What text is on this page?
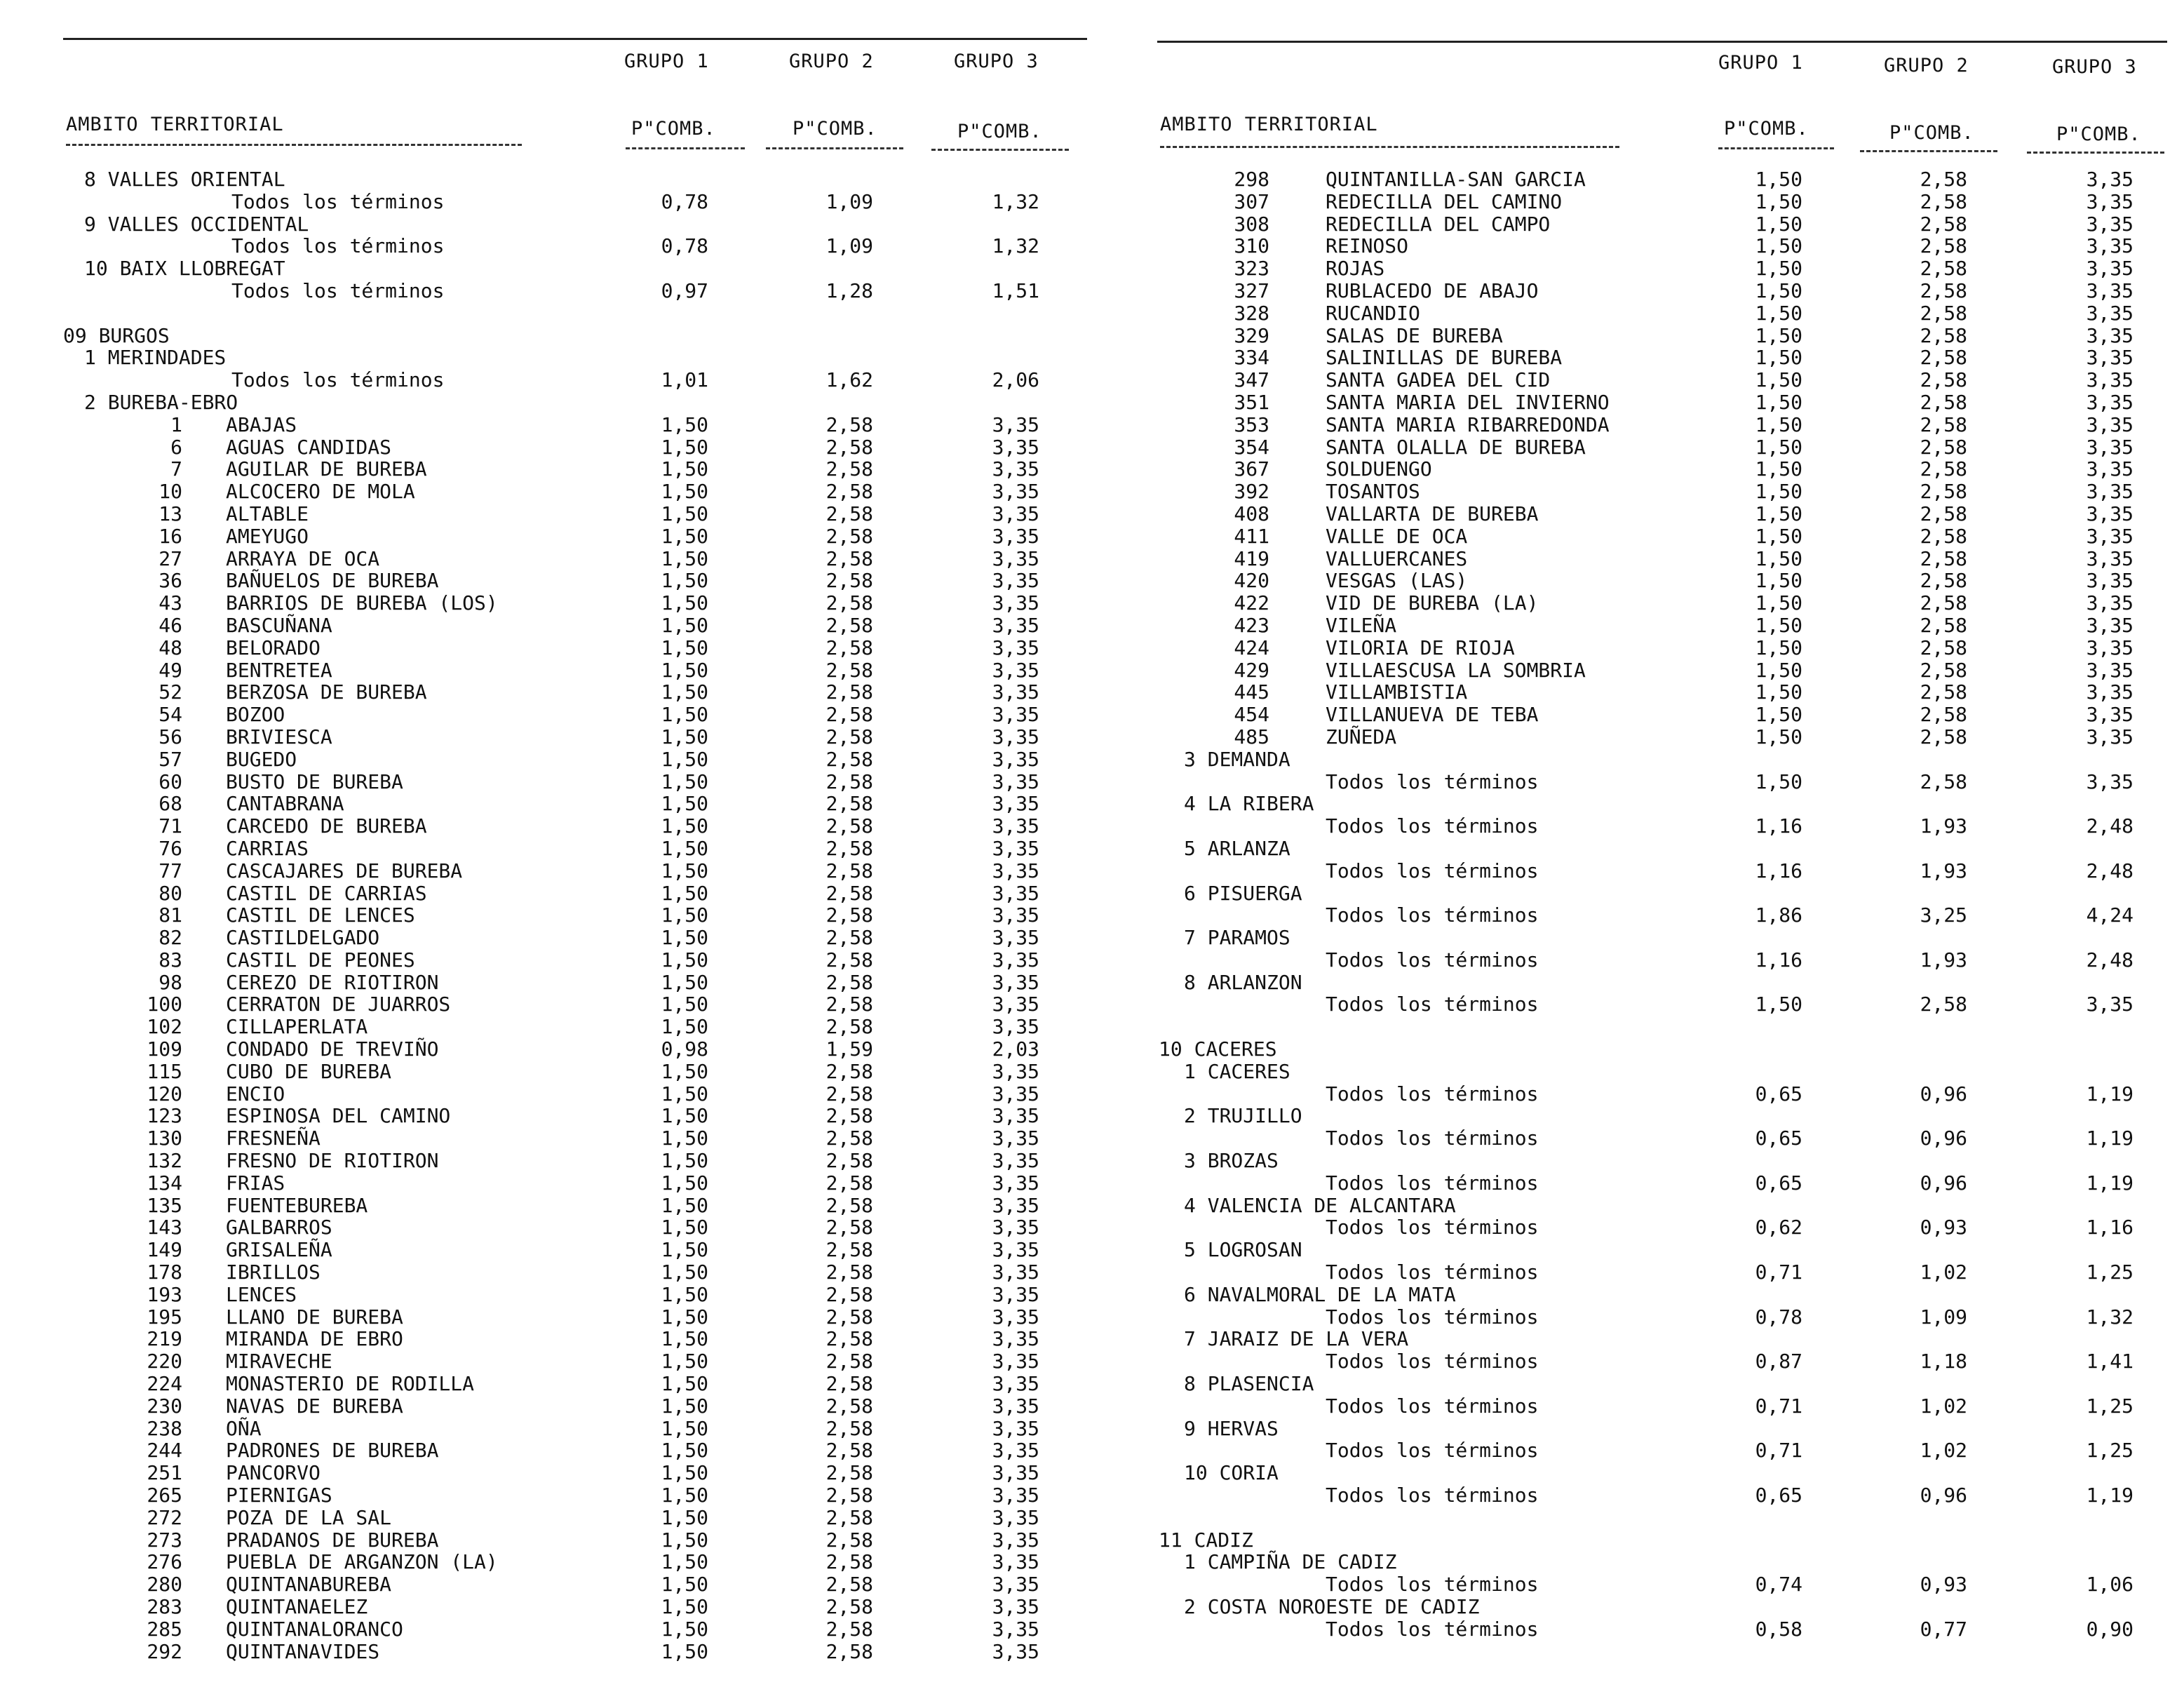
GRUPO 1	GRUPO 2	GRUPO 3
AMBITO TERRITORIAL	P"COMB.	P"COMB.	P"COMB.
8 VALLES ORIENTAL
Todos los términos	0,78	1,09	1,32
9 VALLES OCCIDENTAL
Todos los términos	0,78	1,09	1,32
10 BAIX LLOBREGAT
Todos los términos	0,97	1,28	1,51
09 BURGOS
1 MERINDADES
Todos los términos	1,01	1,62	2,06
2 BUREBA-EBRO
1 ABAJAS	1,50	2,58	3,35
6 AGUAS CANDIDAS	1,50	2,58	3,35
7 AGUILAR DE BUREBA	1,50	2,58	3,35
10 ALCOCERO DE MOLA	1,50	2,58	3,35
13 ALTABLE	1,50	2,58	3,35
16 AMEYUGO	1,50	2,58	3,35
27 ARRAYA DE OCA	1,50	2,58	3,35
36 BAÑUELOS DE BUREBA	1,50	2,58	3,35
43 BARRIOS DE BUREBA (LOS)	1,50	2,58	3,35
46 BASCUÑANA	1,50	2,58	3,35
48 BELORADO	1,50	2,58	3,35
49 BENTRETEA	1,50	2,58	3,35
52 BERZOSA DE BUREBA	1,50	2,58	3,35
54 BOZOO	1,50	2,58	3,35
56 BRIVIESCA	1,50	2,58	3,35
57 BUGEDO	1,50	2,58	3,35
60 BUSTO DE BUREBA	1,50	2,58	3,35
68 CANTABRANA	1,50	2,58	3,35
71 CARCEDO DE BUREBA	1,50	2,58	3,35
76 CARRIAS	1,50	2,58	3,35
77 CASCAJARES DE BUREBA	1,50	2,58	3,35
80 CASTIL DE CARRIAS	1,50	2,58	3,35
81 CASTIL DE LENCES	1,50	2,58	3,35
82 CASTILDELGADO	1,50	2,58	3,35
83 CASTIL DE PEONES	1,50	2,58	3,35
98 CEREZO DE RIOTIRON	1,50	2,58	3,35
100 CERRATON DE JUARROS	1,50	2,58	3,35
102 CILLAPERLATA	1,50	2,58	3,35
109 CONDADO DE TREVIÑO	0,98	1,59	2,03
115 CUBO DE BUREBA	1,50	2,58	3,35
120 ENCIO	1,50	2,58	3,35
123 ESPINOSA DEL CAMINO	1,50	2,58	3,35
130 FRESNEÑA	1,50	2,58	3,35
132 FRESNO DE RIOTIRON	1,50	2,58	3,35
134 FRIAS	1,50	2,58	3,35
135 FUENTEBUREBA	1,50	2,58	3,35
143 GALBARROS	1,50	2,58	3,35
149 GRISALEÑA	1,50	2,58	3,35
178 IBRILLOS	1,50	2,58	3,35
193 LENCES	1,50	2,58	3,35
195 LLANO DE BUREBA	1,50	2,58	3,35
219 MIRANDA DE EBRO	1,50	2,58	3,35
220 MIRAVECHE	1,50	2,58	3,35
224 MONASTERIO DE RODILLA	1,50	2,58	3,35
230 NAVAS DE BUREBA	1,50	2,58	3,35
238 OÑA	1,50	2,58	3,35
244 PADRONES DE BUREBA	1,50	2,58	3,35
251 PANCORVO	1,50	2,58	3,35
265 PIERNIGAS	1,50	2,58	3,35
272 POZA DE LA SAL	1,50	2,58	3,35
273 PRADANOS DE BUREBA	1,50	2,58	3,35
276 PUEBLA DE ARGANZON (LA)	1,50	2,58	3,35
280 QUINTANABUREBA	1,50	2,58	3,35
283 QUINTANAELEZ	1,50	2,58	3,35
285 QUINTANALORANCO	1,50	2,58	3,35
292 QUINTANAVIDES	1,50	2,58	3,35
GRUPO 1	GRUPO 2	GRUPO 3
AMBITO TERRITORIAL	P"COMB.	P"COMB.	P"COMB.
298	QUINTANILLA-SAN GARCIA	1,50	2,58	3,35
307	REDECILLA DEL CAMINO	1,50	2,58	3,35
308	REDECILLA DEL CAMPO	1,50	2,58	3,35
310	REINOSO	1,50	2,58	3,35
323	ROJAS	1,50	2,58	3,35
327	RUBLACEDO DE ABAJO	1,50	2,58	3,35
328	RUCANDIO	1,50	2,58	3,35
329	SALAS DE BUREBA	1,50	2,58	3,35
334	SALINILLAS DE BUREBA	1,50	2,58	3,35
347	SANTA GADEA DEL CID	1,50	2,58	3,35
351	SANTA MARIA DEL INVIERNO	1,50	2,58	3,35
353	SANTA MARIA RIBARREDONDA	1,50	2,58	3,35
354	SANTA OLALLA DE BUREBA	1,50	2,58	3,35
367	SOLDUENGO	1,50	2,58	3,35
392	TOSANTOS	1,50	2,58	3,35
408	VALLARTA DE BUREBA	1,50	2,58	3,35
411	VALLE DE OCA	1,50	2,58	3,35
419	VALLUERCANES	1,50	2,58	3,35
420	VESGAS (LAS)	1,50	2,58	3,35
422	VID DE BUREBA (LA)	1,50	2,58	3,35
423	VILEÑA	1,50	2,58	3,35
424	VILORIA DE RIOJA	1,50	2,58	3,35
429	VILLAESCUSA LA SOMBRIA	1,50	2,58	3,35
445	VILLAMBISTIA	1,50	2,58	3,35
454	VILLANUEVA DE TEBA	1,50	2,58	3,35
485	ZUÑEDA	1,50	2,58	3,35
3 DEMANDA
Todos los términos	1,50	2,58	3,35
4 LA RIBERA
Todos los términos	1,16	1,93	2,48
5 ARLANZA
Todos los términos	1,16	1,93	2,48
6 PISUERGA
Todos los términos	1,86	3,25	4,24
7 PARAMOS
Todos los términos	1,16	1,93	2,48
8 ARLANZON
Todos los términos	1,50	2,58	3,35
10 CACERES
1 CACERES
Todos los términos	0,65	0,96	1,19
2 TRUJILLO
Todos los términos	0,65	0,96	1,19
3 BROZAS
Todos los términos	0,65	0,96	1,19
4 VALENCIA DE ALCANTARA
Todos los términos	0,62	0,93	1,16
5 LOGROSAN
Todos los términos	0,71	1,02	1,25
6 NAVALMORAL DE LA MATA
Todos los términos	0,78	1,09	1,32
7 JARAIZ DE LA VERA
Todos los términos	0,87	1,18	1,41
8 PLASENCIA
Todos los términos	0,71	1,02	1,25
9 HERVAS
Todos los términos	0,71	1,02	1,25
10 CORIA
Todos los términos	0,65	0,96	1,19
11 CADIZ
1 CAMPIÑA DE CADIZ
Todos los términos	0,74	0,93	1,06
2 COSTA NOROESTE DE CADIZ
Todos los términos	0,58	0,77	0,90
